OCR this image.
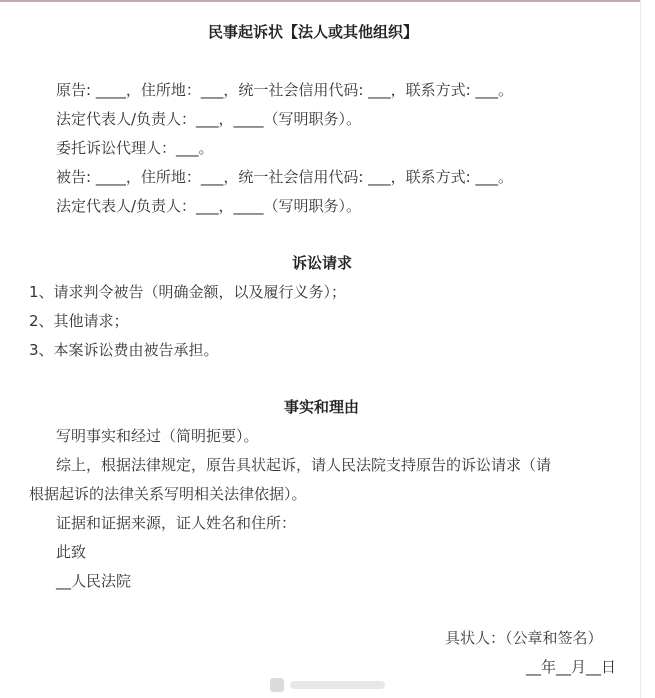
民事起诉状【法人或其他组织】
原告: ____，住所地：___，统一社会信用代码: ___，联系方式: ___。
法定代表人/负责人：___，____（写明职务）。
委托诉讼代理人：___。
被告: ____，住所地：___，统一社会信用代码: ___，联系方式: ___。
法定代表人/负责人：___，____（写明职务）。
诉讼请求
1、请求判令被告（明确金额，以及履行义务）；
2、其他请求；
3、本案诉讼费由被告承担。
事实和理由
写明事实和经过（简明扼要）。
综上，根据法律规定，原告具状起诉，请人民法院支持原告的诉讼请求（请
根据起诉的法律关系写明相关法律依据）。
证据和证据来源，证人姓名和住所：
此致
__人民法院
具状人：（公章和签名）
__年__月__日
